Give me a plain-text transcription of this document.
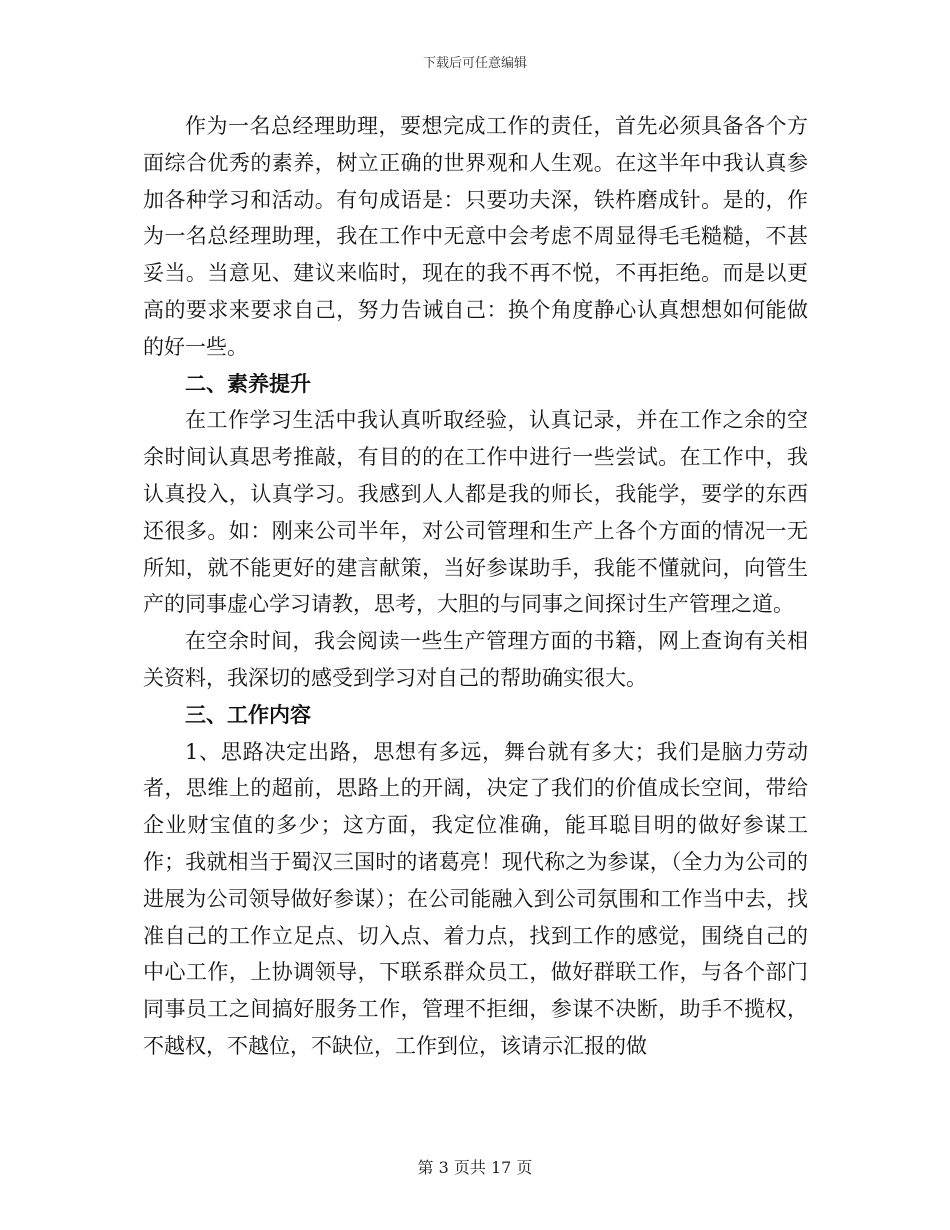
下载后可任意编辑

作为一名总经理助理，要想完成工作的责任，首先必须具备各个方面综合优秀的素养，树立正确的世界观和人生观。在这半年中我认真参加各种学习和活动。有句成语是：只要功夫深，铁杵磨成针。是的，作为一名总经理助理，我在工作中无意中会考虑不周显得毛毛糙糙，不甚妥当。当意见、建议来临时，现在的我不再不悦，不再拒绝。而是以更高的要求来要求自己，努力告诫自己：换个角度静心认真想想如何能做的好一些。

二、素养提升

在工作学习生活中我认真听取经验，认真记录，并在工作之余的空余时间认真思考推敲，有目的的在工作中进行一些尝试。在工作中，我认真投入，认真学习。我感到人人都是我的师长，我能学，要学的东西还很多。如：刚来公司半年，对公司管理和生产上各个方面的情况一无所知，就不能更好的建言献策，当好参谋助手，我能不懂就问，向管生产的同事虚心学习请教，思考，大胆的与同事之间探讨生产管理之道。

在空余时间，我会阅读一些生产管理方面的书籍，网上查询有关相关资料，我深切的感受到学习对自己的帮助确实很大。

三、工作内容

1、思路决定出路，思想有多远，舞台就有多大；我们是脑力劳动者，思维上的超前，思路上的开阔，决定了我们的价值成长空间，带给企业财宝值的多少；这方面，我定位准确，能耳聪目明的做好参谋工作；我就相当于蜀汉三国时的诸葛亮！现代称之为参谋，（全力为公司的进展为公司领导做好参谋）；在公司能融入到公司氛围和工作当中去，找准自己的工作立足点、切入点、着力点，找到工作的感觉，围绕自己的中心工作，上协调领导，下联系群众员工，做好群联工作，与各个部门同事员工之间搞好服务工作，管理不拒细，参谋不决断，助手不揽权，不越权，不越位，不缺位，工作到位，该请示汇报的做

第 3 页共 17 页
